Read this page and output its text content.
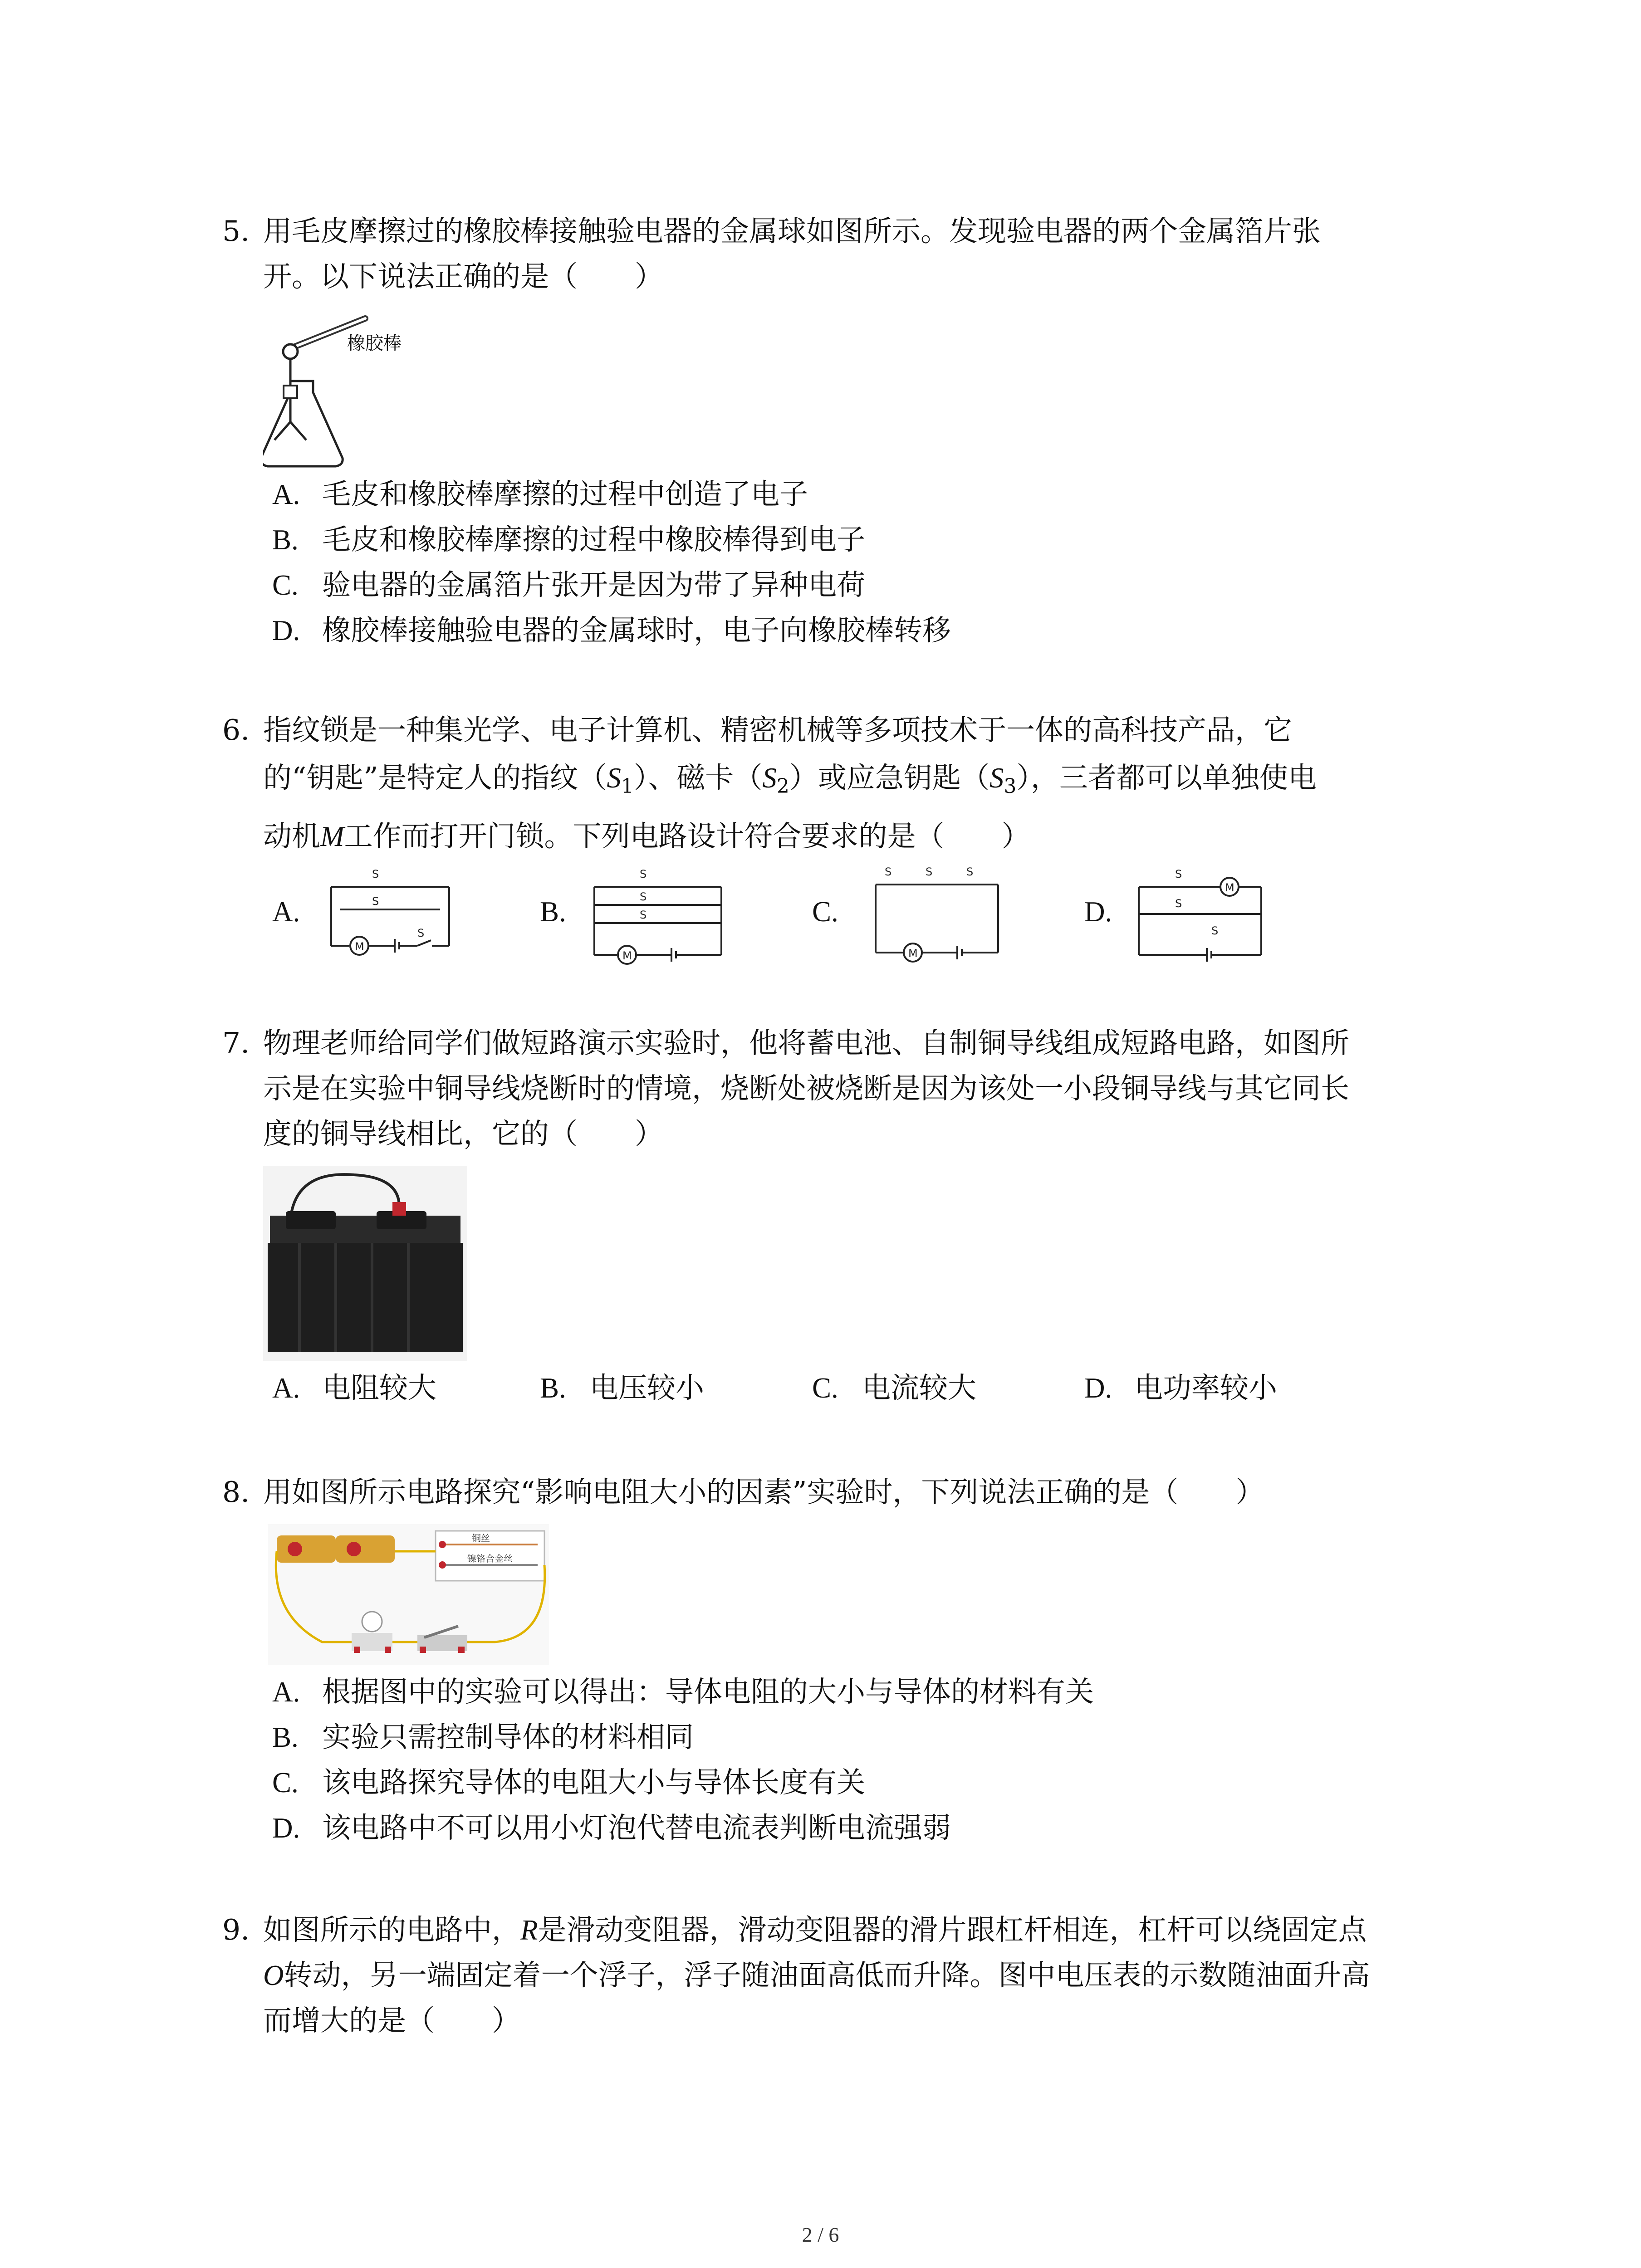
5. 用毛皮摩擦过的橡胶棒接触验电器的金属球如图所示。发现验电器的两个金属箔片张
开。以下说法正确的是（　　）
橡胶棒
A. 毛皮和橡胶棒摩擦的过程中创造了电子
B. 毛皮和橡胶棒摩擦的过程中橡胶棒得到电子
C. 验电器的金属箔片张开是因为带了异种电荷
D. 橡胶棒接触验电器的金属球时，电子向橡胶棒转移
6. 指纹锁是一种集光学、电子计算机、精密机械等多项技术于一体的高科技产品，它
的“钥匙”是特定人的指纹$(S_1)$、磁卡$(S_2)$或应急钥匙$(S_3)$，三者都可以单独使电
动机M工作而打开门锁。下列电路设计符合要求的是（　　）
A.
M
S
S
S
B.
S
S
S
M
C.
S	S	S
M
D.
M
S
S
S
7. 物理老师给同学们做短路演示实验时，他将蓄电池、自制铜导线组成短路电路，如图所
示是在实验中铜导线烧断时的情境，烧断处被烧断是因为该处一小段铜导线与其它同长
度的铜导线相比，它的（　　）
A. 电阻较大	B. 电压较小	C. 电流较大	D. 电功率较小
8. 用如图所示电路探究“影响电阻大小的因素”实验时，下列说法正确的是（　　）
铜丝
镍铬合金丝
A. 根据图中的实验可以得出：导体电阻的大小与导体的材料有关
B. 实验只需控制导体的材料相同
C. 该电路探究导体的电阻大小与导体长度有关
D. 该电路中不可以用小灯泡代替电流表判断电流强弱
9. 如图所示的电路中，R是滑动变阻器，滑动变阻器的滑片跟杠杆相连，杠杆可以绕固定点
O转动，另一端固定着一个浮子，浮子随油面高低而升降。图中电压表的示数随油面升高
而增大的是（　　）
2 / 6
